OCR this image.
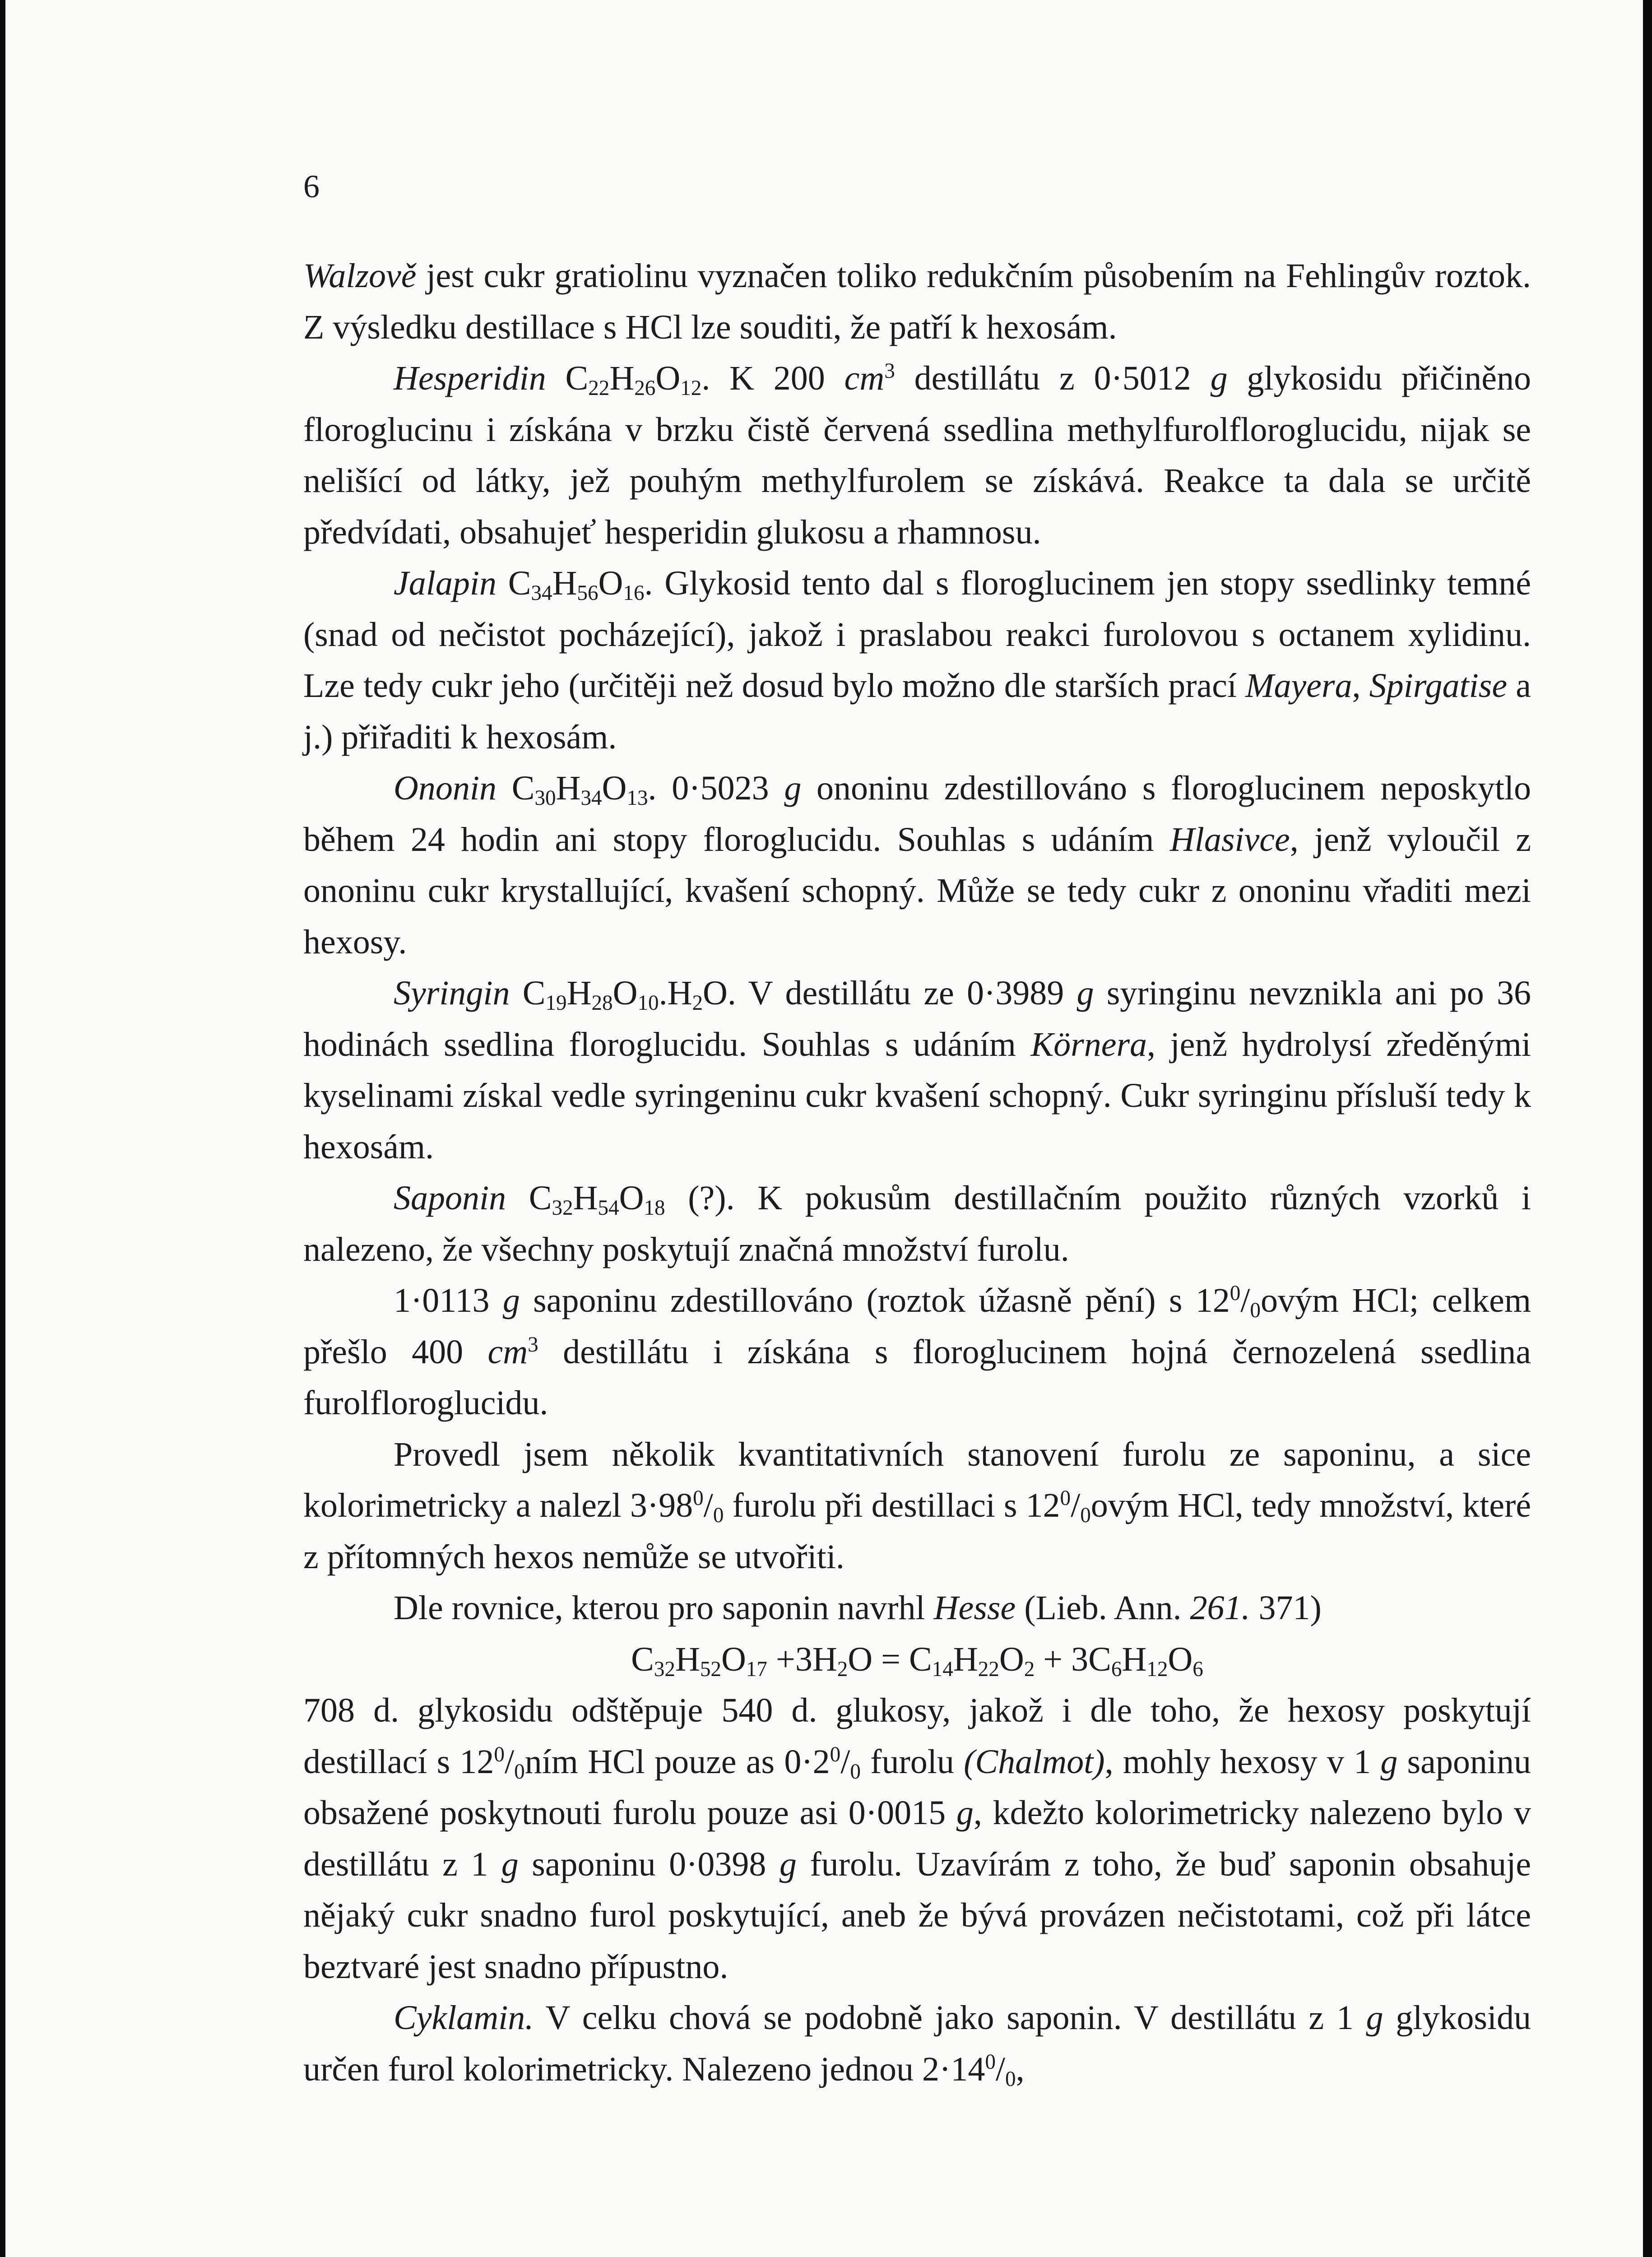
6

Walzově jest cukr gratiolinu vyznačen toliko redukčním působením na Fehlingův roztok. Z výsledku destillace s HCl lze souditi, že patří k hexosám.

Hesperidin $C_{22}H_{26}O_{12}$. K 200 $cm^3$ destillátu z 0·5012 g glykosidu přičiněno floroglucinu i získána v brzku čistě červená ssedlina methylfurolfloroglucidu, nijak se nelišící od látky, jež pouhým methylfurolem se získává. Reakce ta dala se určitě předvídati, obsahujeť hesperidin glukosu a rhamnosu.

Jalapin $C_{34}H_{56}O_{16}$. Glykosid tento dal s floroglucinem jen stopy ssedlinky temné (snad od nečistot pocházející), jakož i praslabou reakci furolovou s octanem xylidinu. Lze tedy cukr jeho (určitěji než dosud bylo možno dle starších prací Mayera, Spirgatise a j.) přiřaditi k hexosám.

Ononin $C_{30}H_{34}O_{13}$. 0·5023 g ononinu zdestillováno s floroglucinem neposkytlo během 24 hodin ani stopy floroglucidu. Souhlas s udáním Hlasivce, jenž vyloučil z ononinu cukr krystallující, kvašení schopný. Může se tedy cukr z ononinu vřaditi mezi hexosy.

Syringin $C_{19}H_{28}O_{10}.H_2O$. V destillátu ze 0·3989 g syringinu nevznikla ani po 36 hodinách ssedlina floroglucidu. Souhlas s udáním Körnera, jenž hydrolysí zředěnými kyselinami získal vedle syringeninu cukr kvašení schopný. Cukr syringinu přísluší tedy k hexosám.

Saponin $C_{32}H_{54}O_{18}$ (?). K pokusům destillačním použito různých vzorků i nalezeno, že všechny poskytují značná množství furolu.

1·0113 g saponinu zdestillováno (roztok úžasně pění) s $12^0/_0ovým$ HCl; celkem přešlo 400 $cm^3$ destillátu i získána s floroglucinem hojná černozelená ssedlina furolfloroglucidu.

Provedl jsem několik kvantitativních stanovení furolu ze saponinu, a sice kolorimetricky a nalezl $3\cdot 98^0/_0$ furolu při destillaci s $12^0/_0ovým$ HCl, tedy množství, které z přítomných hexos nemůže se utvořiti.

Dle rovnice, kterou pro saponin navrhl Hesse (Lieb. Ann. 261. 371)

$C_{32}H_{52}O_{17} +3H_2O = C_{14}H_{22}O_2 + 3C_6H_{12}O_6$

708 d. glykosidu odštěpuje 540 d. glukosy, jakož i dle toho, že hexosy poskytují destillací s $12^0/_0ním$ HCl pouze as $0\cdot 2^0/_0$ furolu (Chalmot), mohly hexosy v 1 g saponinu obsažené poskytnouti furolu pouze asi 0·0015 g, kdežto kolorimetricky nalezeno bylo v destillátu z 1 g saponinu 0·0398 g furolu. Uzavírám z toho, že buď saponin obsahuje nějaký cukr snadno furol poskytující, aneb že bývá provázen nečistotami, což při látce beztvaré jest snadno přípustno.

Cyklamin. V celku chová se podobně jako saponin. V destillátu z 1 g glykosidu určen furol kolorimetricky. Nalezeno jednou $2\cdot 14^0/_0$,
